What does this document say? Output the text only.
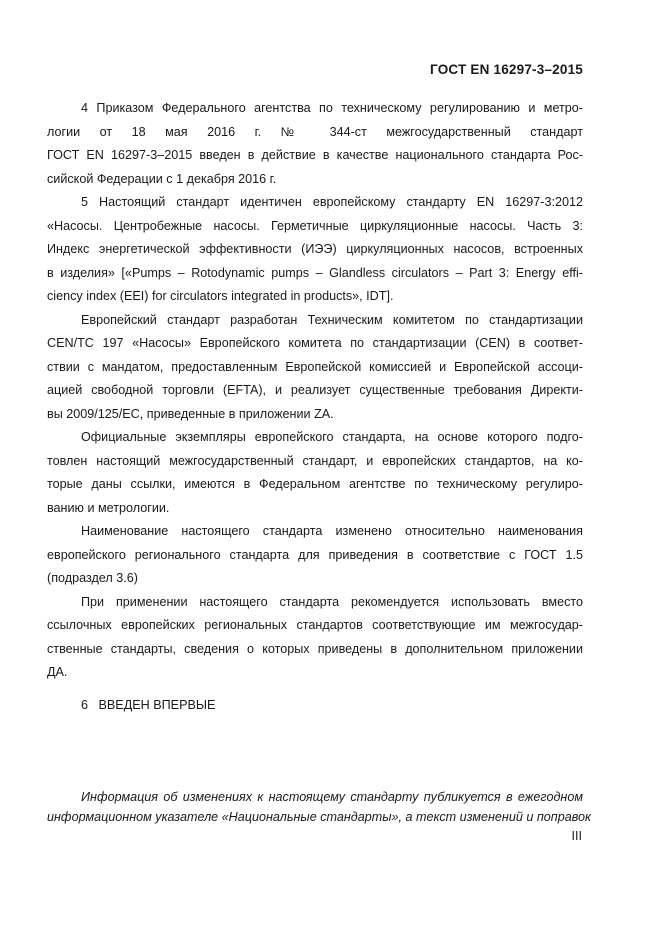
ГОСТ EN 16297-3–2015
4 Приказом Федерального агентства по техническому регулированию и метро-
логии от 18 мая 2016 г. № 344-ст межгосударственный стандарт
ГОСТ EN 16297-3–2015 введен в действие в качестве национального стандарта Рос-
сийской Федерации с 1 декабря 2016 г.
5 Настоящий стандарт идентичен европейскому стандарту EN 16297-3:2012
«Насосы. Центробежные насосы. Герметичные циркуляционные насосы. Часть 3:
Индекс энергетической эффективности (ИЭЭ) циркуляционных насосов, встроенных
в изделия» [«Pumps – Rotodynamic pumps – Glandless circulators – Part 3: Energy effi-
ciency index (EEI) for circulators integrated in products», IDT].
Европейский стандарт разработан Техническим комитетом по стандартизации
CEN/TC 197 «Насосы» Европейского комитета по стандартизации (CEN) в соответ-
ствии с мандатом, предоставленным Европейской комиссией и Европейской ассоци-
ацией свободной торговли (EFTA), и реализует существенные требования Директи-
вы 2009/125/EC, приведенные в приложении ZA.
Официальные экземпляры европейского стандарта, на основе которого подго-
товлен настоящий межгосударственный стандарт, и европейских стандартов, на ко-
торые даны ссылки, имеются в Федеральном агентстве по техническому регулиро-
ванию и метрологии.
Наименование настоящего стандарта изменено относительно наименования
европейского регионального стандарта для приведения в соответствие с ГОСТ 1.5
(подраздел 3.6)
При применении настоящего стандарта рекомендуется использовать вместо
ссылочных европейских региональных стандартов соответствующие им межгосудар-
ственные стандарты, сведения о которых приведены в дополнительном приложении
ДА.
6   ВВЕДЕН ВПЕРВЫЕ
Информация об изменениях к настоящему стандарту публикуется в ежегодном
информационном указателе «Национальные стандарты», а текст изменений и поправок
III
